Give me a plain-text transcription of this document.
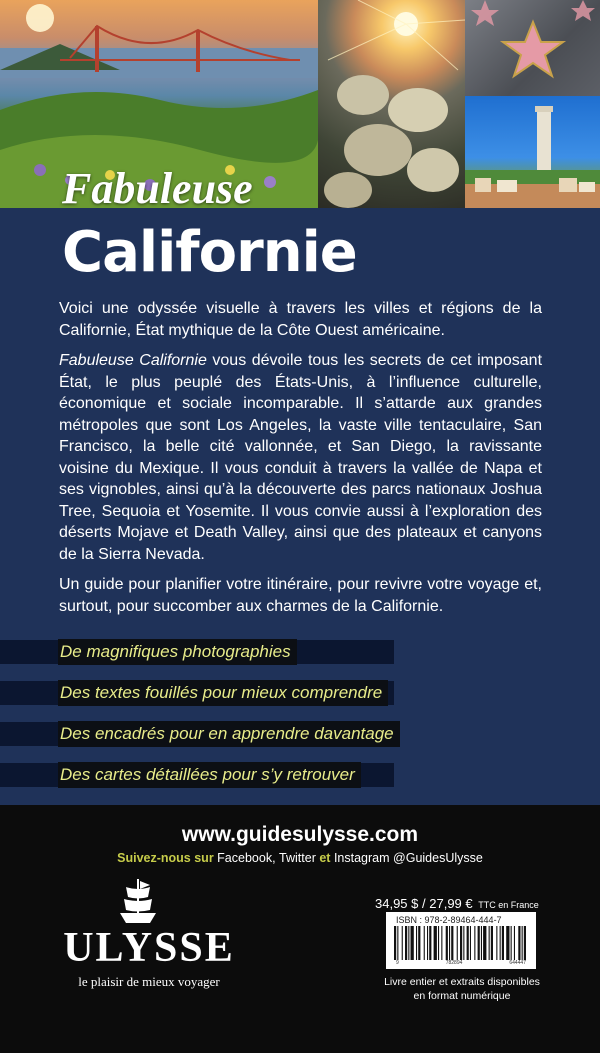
Fabuleuse
Californie

Voici une odyssée visuelle à travers les villes et régions de la Californie, État mythique de la Côte Ouest américaine.

Fabuleuse Californie vous dévoile tous les secrets de cet imposant État, le plus peuplé des États-Unis, à l’influence culturelle, économique et sociale incomparable. Il s’attarde aux grandes métropoles que sont Los Angeles, la vaste ville tentaculaire, San Francisco, la belle cité vallonnée, et San Diego, la ravissante voisine du Mexique. Il vous conduit à travers la vallée de Napa et ses vignobles, ainsi qu’à la découverte des parcs nationaux Joshua Tree, Sequoia et Yosemite. Il vous convie aussi à l’exploration des déserts Mojave et Death Valley, ainsi que des plateaux et canyons de la Sierra Nevada.

Un guide pour planifier votre itinéraire, pour revivre votre voyage et, surtout, pour succomber aux charmes de la Californie.

De magnifiques photographies
Des textes fouillés pour mieux comprendre
Des encadrés pour en apprendre davantage
Des cartes détaillées pour s’y retrouver
www.guidesulysse.com
Suivez-nous sur Facebook, Twitter et Instagram @GuidesUlysse
ULYSSE
le plaisir de mieux voyager
34,95 $ / 27,99 € TTC en France
ISBN : 978-2-89464-444-7
9	782894	644447
Livre entier et extraits disponibles
en format numérique
